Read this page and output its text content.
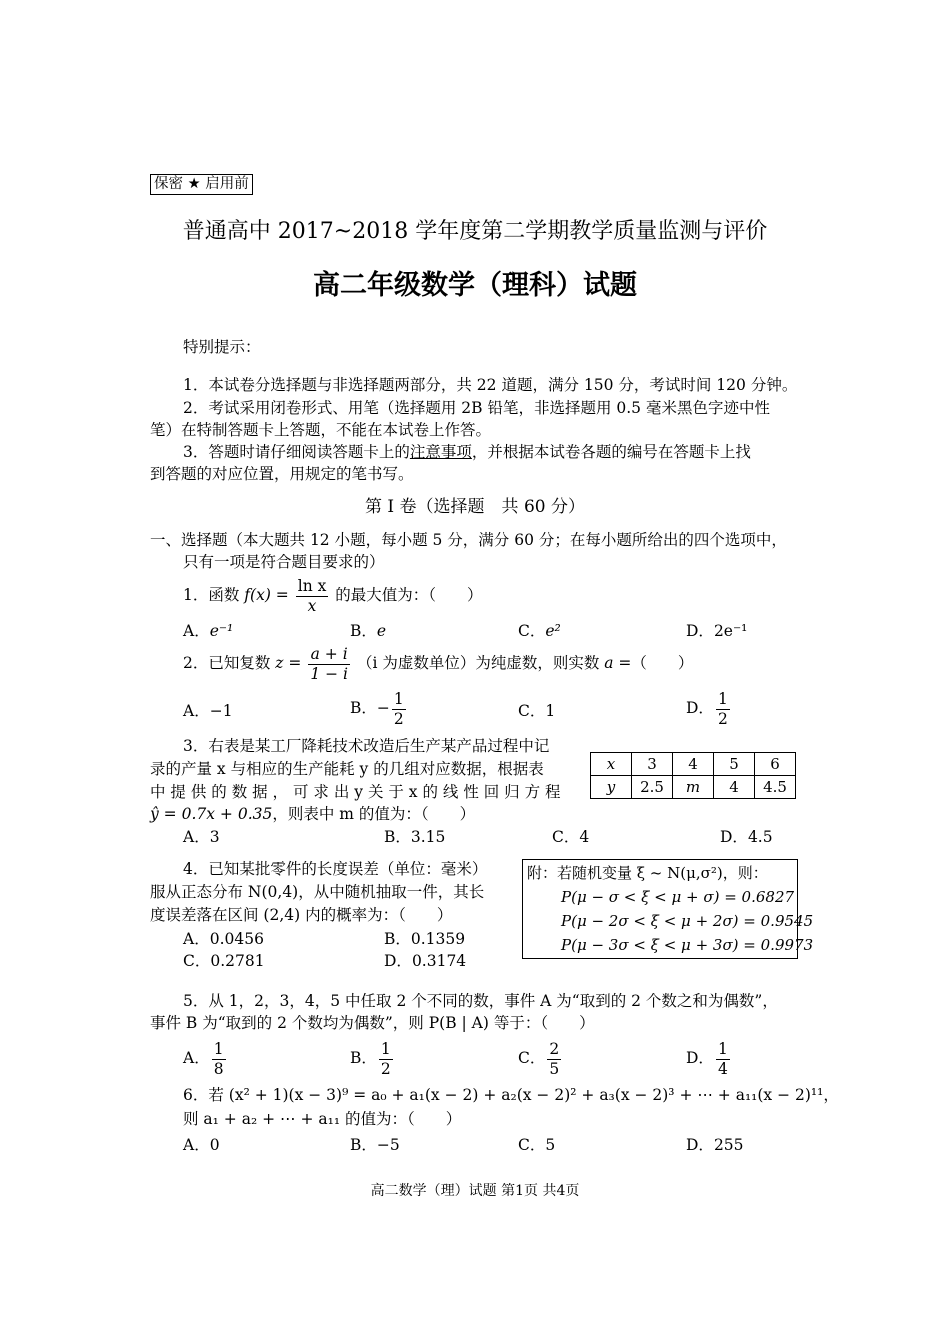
保密 ★ 启用前
普通高中 2017~2018 学年度第二学期教学质量监测与评价
高二年级数学（理科）试题
特别提示：
1．本试卷分选择题与非选择题两部分，共 22 道题，满分 150 分，考试时间 120 分钟。
2．考试采用闭卷形式、用笔（选择题用 2B 铅笔，非选择题用 0.5 毫米黑色字迹中性
笔）在特制答题卡上答题，不能在本试卷上作答。
3．答题时请仔细阅读答题卡上的注意事项，并根据本试卷各题的编号在答题卡上找
到答题的对应位置，用规定的笔书写。
第 I 卷（选择题　共 60 分）
一、选择题（本大题共 12 小题，每小题 5 分，满分 60 分；在每小题所给出的四个选项中，
只有一项是符合题目要求的）
1．函数 $f(x) = \frac{\text{ln x}}{x}$ 的最大值为：（　　）
A．e⁻¹	B．e	C．e²	D．2e⁻¹
2．已知复数 $z = \frac{a + i}{1 - i} (i$ 为虚数单位）为纯虚数，则实数 a =（　　）
A．−1	B．− $\frac{1}{2}$	C．1	D． $\frac{1}{2}$
3．右表是某工厂降耗技术改造后生产某产品过程中记
录的产量 x 与相应的生产能耗 y 的几组对应数据，根据表
中 提 供 的 数 据 ， 可 求 出 y 关 于 x 的 线 性 回 归 方 程
ŷ = 0.7x + 0.35，则表中 m 的值为：（　　）
x	3	4	5	6
y	2.5	m	4	4.5
A．3	B．3.15	C．4	D．4.5
4．已知某批零件的长度误差（单位：毫米）
服从正态分布 N(0,4)，从中随机抽取一件，其长
度误差落在区间 (2,4) 内的概率为：（　　）
A．0.0456	B．0.1359
C．0.2781	D．0.3174
附：若随机变量 ξ ~ N(μ,σ²)，则：
P(μ − σ < ξ < μ + σ) = 0.6827
P(μ − 2σ < ξ < μ + 2σ) = 0.9545
P(μ − 3σ < ξ < μ + 3σ) = 0.9973
5．从 1，2，3，4，5 中任取 2 个不同的数，事件 A 为“取到的 2 个数之和为偶数”，
事件 B 为“取到的 2 个数均为偶数”，则 P(B | A) 等于：（　　）
A． $\frac{1}{8}$	B． $\frac{1}{2}$	C． $\frac{2}{5}$	D． $\frac{1}{4}$
6．若 (x² + 1)(x − 3)⁹ = a₀ + a₁(x − 2) + a₂(x − 2)² + a₃(x − 2)³ + ⋯ + a₁₁(x − 2)¹¹，
则 a₁ + a₂ + ⋯ + a₁₁ 的值为：（　　）
A．0	B．−5	C．5	D．255
高二数学（理）试题 第1页 共4页
